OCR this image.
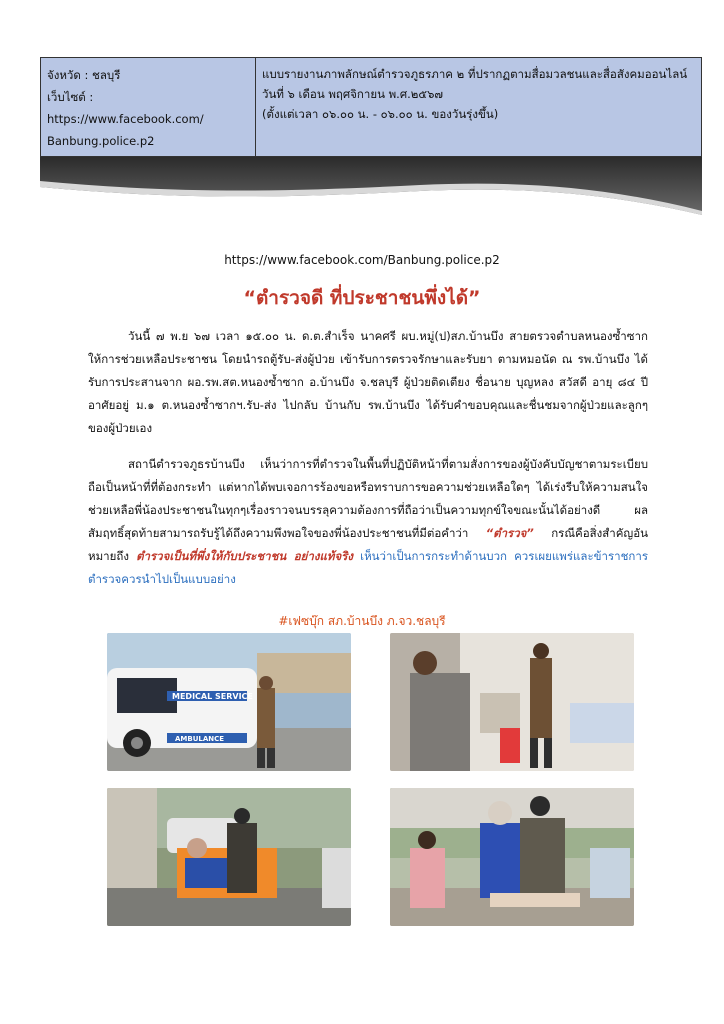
จังหวัด : ชลบุรี
เว็บไซต์ : https://www.facebook.com/
Banbung.police.p2
แบบรายงานภาพลักษณ์ตำรวจภูธรภาค ๒ ที่ปรากฏตามสื่อมวลชนและสื่อสังคมออนไลน์
วันที่ ๖ เดือน พฤศจิกายน พ.ศ.๒๕๖๗
(ตั้งแต่เวลา ๐๖.๐๐ น. - ๐๖.๐๐ น. ของวันรุ่งขึ้น)
https://www.facebook.com/Banbung.police.p2
“ตำรวจดี ที่ประชาชนพึ่งได้”
วันนี้ ๗ พ.ย ๖๗ เวลา ๑๕.๐๐ น. ด.ต.สำเร็จ นาคศรี ผบ.หมู่(ป)สภ.บ้านบึง สายตรวจตำบลหนองซ้ำซาก ให้การช่วยเหลือประชาชน โดยนำรถตู้รับ-ส่งผู้ป่วย เข้ารับการตรวจรักษาและรับยา ตามหมอนัด ณ รพ.บ้านบึง ได้รับการประสานจาก ผอ.รพ.สต.หนองซ้ำซาก อ.บ้านบึง จ.ชลบุรี ผู้ป่วยติดเตียง ชื่อนาย บุญหลง สวัสดี อายุ ๘๔ ปี อาศัยอยู่ ม.๑ ต.หนองซ้ำซากฯ.รับ-ส่ง ไปกลับ บ้านกับ รพ.บ้านบึง ได้รับคำขอบคุณและชื่นชมจากผู้ป่วยและลูกๆของผู้ป่วยเอง
สถานีตำรวจภูธรบ้านบึง เห็นว่าการที่ตำรวจในพื้นที่ปฏิบัติหน้าที่ตามสั่งการของผู้บังคับบัญชาตามระเบียบถือเป็นหน้าที่ที่ต้องกระทำ แต่หากได้พบเจอการร้องขอหรือทราบการขอความช่วยเหลือใดๆ ได้เร่งรีบให้ความสนใจช่วยเหลือพี่น้องประชาชนในทุกๆเรื่องราวจนบรรลุความต้องการที่ถือว่าเป็นความทุกข์ใจขณะนั้นได้อย่างดี ผลสัมฤทธิ์สุดท้ายสามารถรับรู้ได้ถึงความพึงพอใจของพี่น้องประชาชนที่มีต่อคำว่า “ตำรวจ” กรณีคือสิ่งสำคัญอันหมายถึง ตำรวจเป็นที่พึ่งให้กับประชาชน อย่างแท้จริง เห็นว่าเป็นการกระทำด้านบวก ควรเผยแพร่และข้าราชการตำรวจควรนำไปเป็นแบบอย่าง
#เฟซบุ๊ก สภ.บ้านบึง ภ.จว.ชลบุรี
MEDICAL SERVICE
AMBULANCE
